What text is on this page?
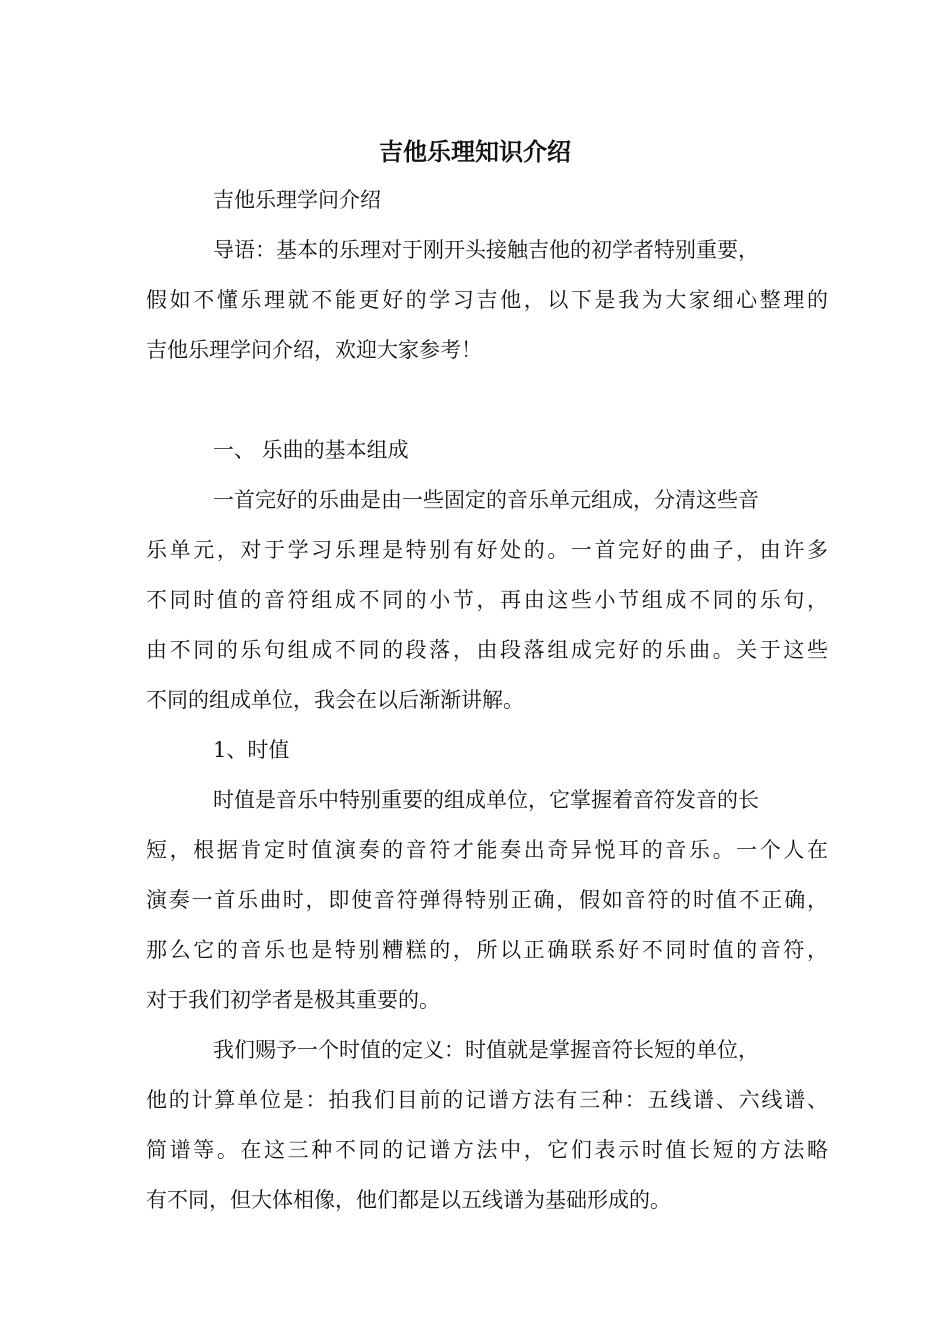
吉他乐理知识介绍

吉他乐理学问介绍

导语：基本的乐理对于刚开头接触吉他的初学者特别重要，

假如不懂乐理就不能更好的学习吉他，以下是我为大家细心整理的

吉他乐理学问介绍，欢迎大家参考！

一、 乐曲的基本组成

一首完好的乐曲是由一些固定的音乐单元组成，分清这些音

乐单元，对于学习乐理是特别有好处的。一首完好的曲子，由许多

不同时值的音符组成不同的小节，再由这些小节组成不同的乐句，

由不同的乐句组成不同的段落，由段落组成完好的乐曲。关于这些

不同的组成单位，我会在以后渐渐讲解。

1、时值

时值是音乐中特别重要的组成单位，它掌握着音符发音的长

短，根据肯定时值演奏的音符才能奏出奇异悦耳的音乐。一个人在

演奏一首乐曲时，即使音符弹得特别正确，假如音符的时值不正确，

那么它的音乐也是特别糟糕的，所以正确联系好不同时值的音符，

对于我们初学者是极其重要的。

我们赐予一个时值的定义：时值就是掌握音符长短的单位，

他的计算单位是：拍我们目前的记谱方法有三种：五线谱、六线谱、

简谱等。在这三种不同的记谱方法中，它们表示时值长短的方法略

有不同，但大体相像，他们都是以五线谱为基础形成的。
